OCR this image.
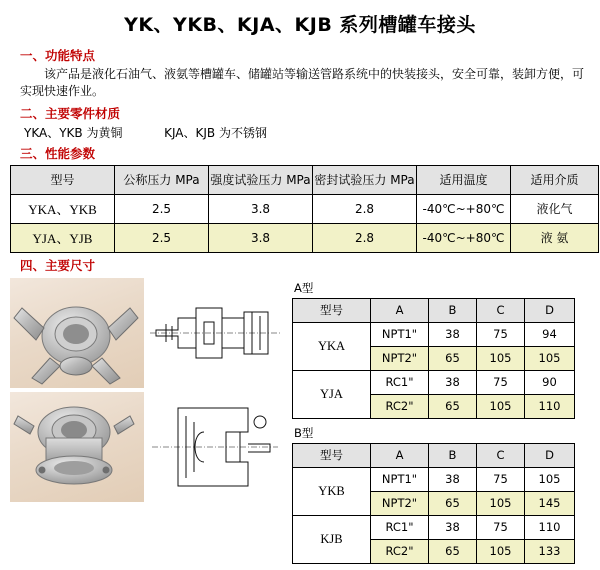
YK、YKB、KJA、KJB 系列槽罐车接头
一、功能特点
该产品是液化石油气、液氨等槽罐车、储罐站等输送管路系统中的快装接头，安全可靠，装卸方便，可实现快速作业。
二、主要零件材质
YKA、YKB 为黄铜	KJA、KJB 为不锈钢
三、性能参数
型号	公称压力 MPa	强度试验压力 MPa	密封试验压力 MPa	适用温度	适用介质
YKA、YKB	2.5	3.8	2.8	-40℃~+80℃	液化气
YJA、YJB	2.5	3.8	2.8	-40℃~+80℃	液 氨
四、主要尺寸
A型
型号	A	B	C	D
YKA	NPT1"	38	75	94
	NPT2"	65	105	105
YJA	RC1"	38	75	90
	RC2"	65	105	110
B型
型号	A	B	C	D
YKB	NPT1"	38	75	105
	NPT2"	65	105	145
KJB	RC1"	38	75	110
	RC2"	65	105	133
